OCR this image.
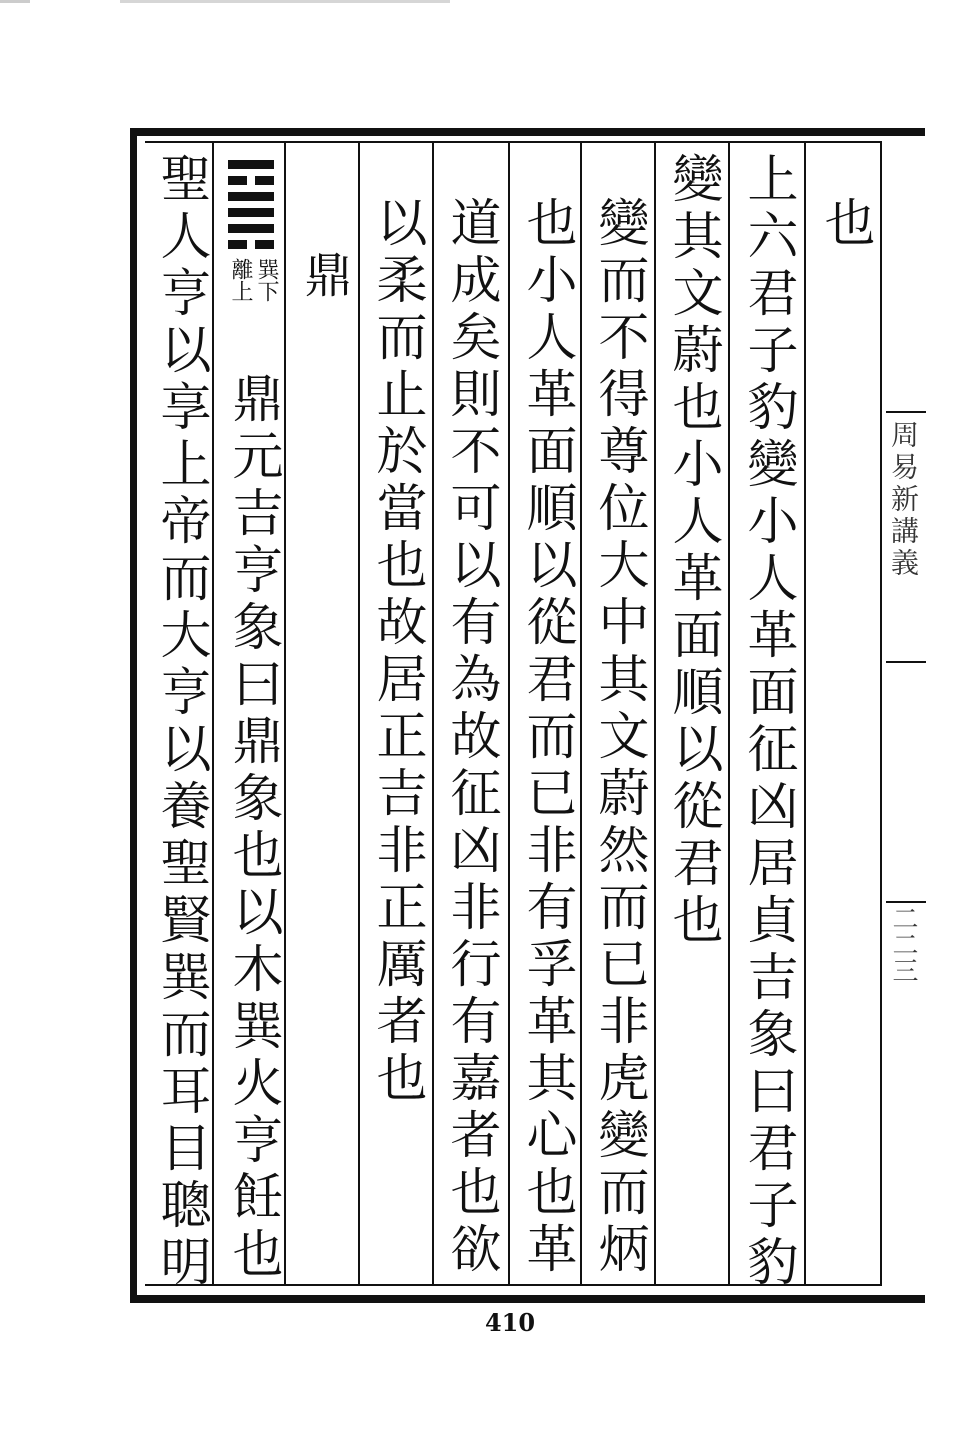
也
上六君子豹變小人革面征凶居貞吉象曰君子豹
變其文蔚也小人革面順以從君也
變而不得尊位大中其文蔚然而已非虎變而炳
也小人革面順以從君而已非有孚革其心也革
道成矣則不可以有為故征凶非行有嘉者也欲
以柔而止於當也故居正吉非正厲者也
鼎
巽下
離上
鼎元吉亨象曰鼎象也以木巽火亨飪也
聖人亨以享上帝而大亨以養聖賢巽而耳目聰明	周易新講義
二二三
410
